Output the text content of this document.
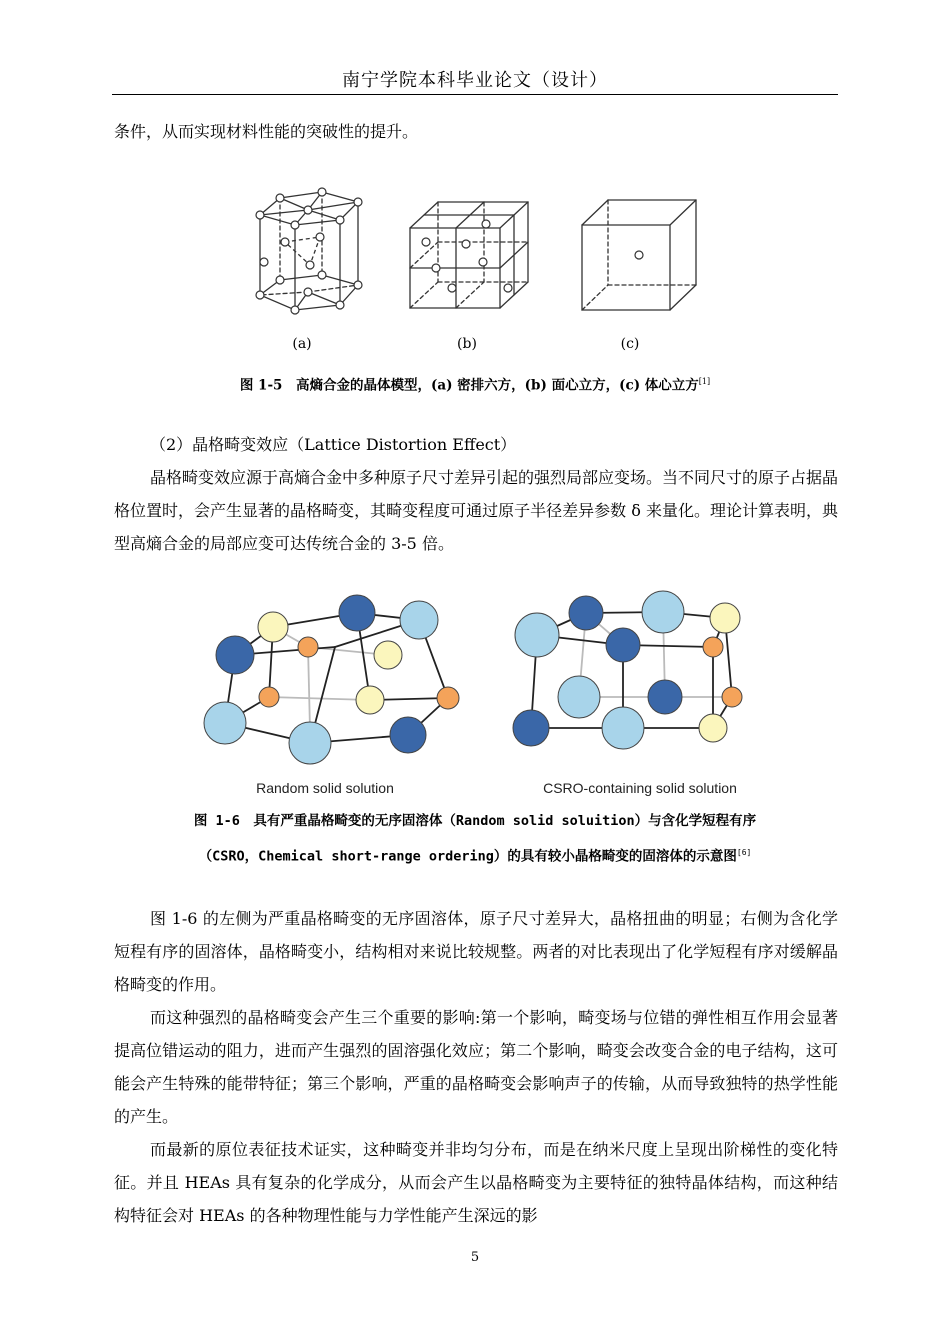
南宁学院本科毕业论文（设计）
条件，从而实现材料性能的突破性的提升。
(a)	(b)	(c)
图 1-5　高熵合金的晶体模型，(a) 密排六方，(b) 面心立方，(c) 体心立方[1]
（2）晶格畸变效应（Lattice Distortion Effect）
晶格畸变效应源于高熵合金中多种原子尺寸差异引起的强烈局部应变场。当不同尺寸的原子占据晶格位置时，会产生显著的晶格畸变，其畸变程度可通过原子半径差异参数 δ 来量化。理论计算表明，典型高熵合金的局部应变可达传统合金的 3-5 倍。
Random solid solution	CSRO-containing solid solution
图 1-6　具有严重晶格畸变的无序固溶体（Random solid soluition）与含化学短程有序
（CSRO，Chemical short-range ordering）的具有较小晶格畸变的固溶体的示意图[6]
图 1-6 的左侧为严重晶格畸变的无序固溶体，原子尺寸差异大，晶格扭曲的明显；右侧为含化学短程有序的固溶体，晶格畸变小，结构相对来说比较规整。两者的对比表现出了化学短程有序对缓解晶格畸变的作用。
而这种强烈的晶格畸变会产生三个重要的影响:第一个影响，畸变场与位错的弹性相互作用会显著提高位错运动的阻力，进而产生强烈的固溶强化效应；第二个影响，畸变会改变合金的电子结构，这可能会产生特殊的能带特征；第三个影响，严重的晶格畸变会影响声子的传输，从而导致独特的热学性能的产生。
而最新的原位表征技术证实，这种畸变并非均匀分布，而是在纳米尺度上呈现出阶梯性的变化特征。并且 HEAs 具有复杂的化学成分，从而会产生以晶格畸变为主要特征的独特晶体结构，而这种结构特征会对 HEAs 的各种物理性能与力学性能产生深远的影
5
